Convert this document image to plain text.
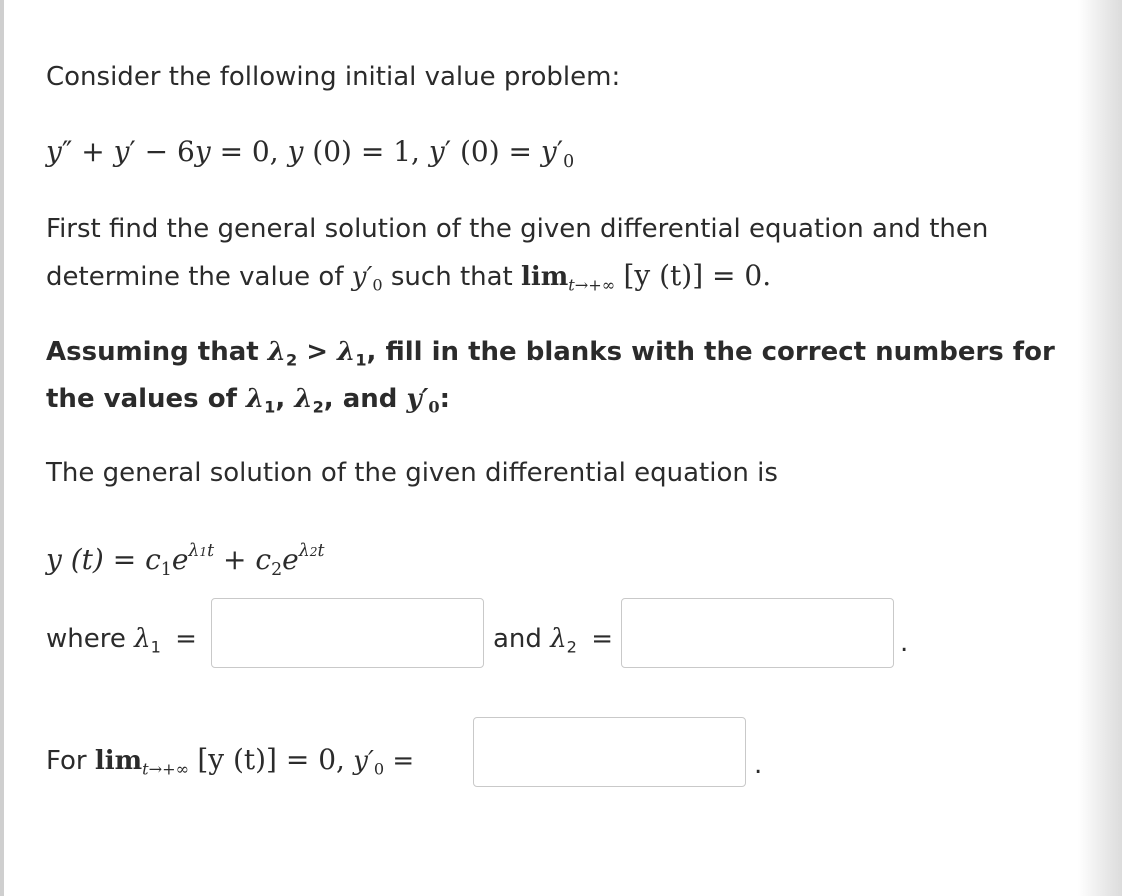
Consider the following initial value problem:
y″ + y′ − 6y = 0, y (0) = 1, y′ $(0) = y'_0$
First find the general solution of the given differential equation and then
determine the value of $y'_0$ such that $\lim_{t\to+\infty} [y$ (t)] = 0.
Assuming that $\lambda_2 > \lambda_1$, fill in the blanks with the correct numbers for
the values of $\lambda_1$, $\lambda_2$, and $y'_0$:
The general solution of the given differential equation is
y $(t) = c_1e^{\lambda 1t} + c_2e^{\lambda 2t}$
where $\lambda_1$ =	and $\lambda_2$ =	.
For $\lim_{t\to+\infty} [y$ (t)] = 0, $y'_0$ =	.
